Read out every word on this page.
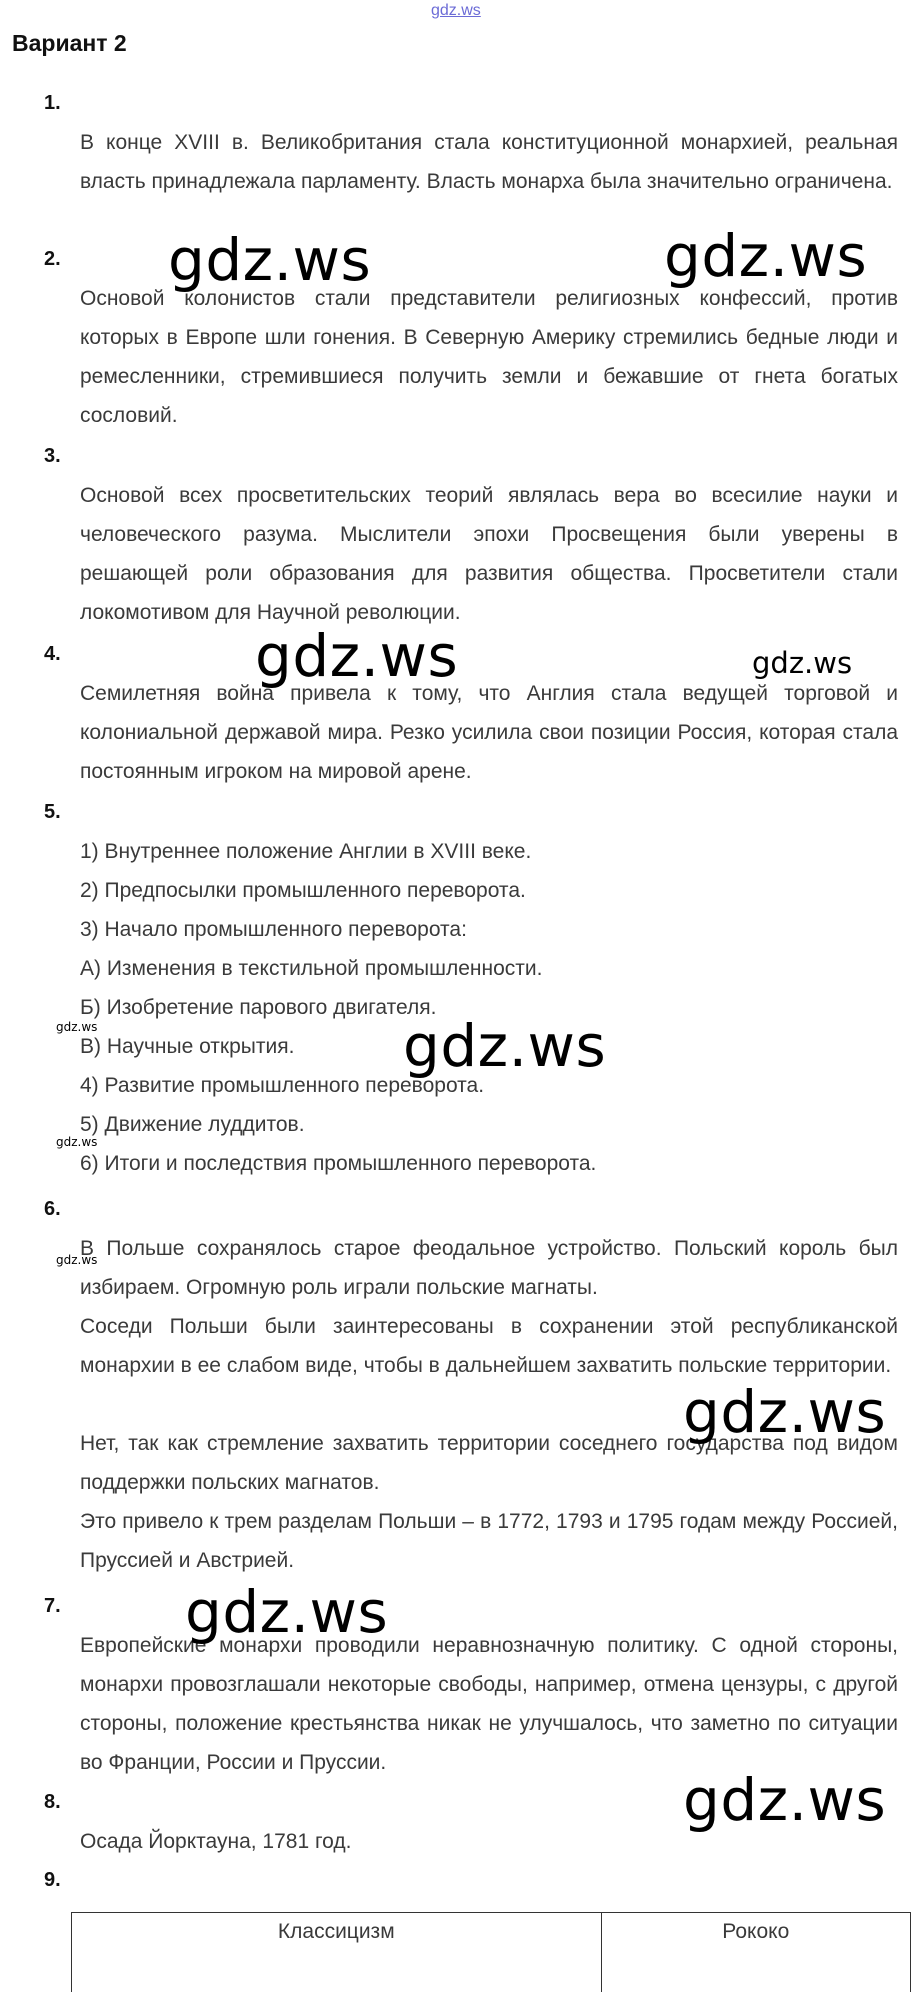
gdz.ws
Вариант 2
1.
В конце XVIII в. Великобритания стала конституционной монархией, реальная власть принадлежала парламенту. Власть монарха была значительно ограничена.
2.
Основой колонистов стали представители религиозных конфессий, против которых в Европе шли гонения. В Северную Америку стремились бедные люди и ремесленники, стремившиеся получить земли и бежавшие от гнета богатых сословий.
3.
Основой всех просветительских теорий являлась вера во всесилие науки и человеческого разума. Мыслители эпохи Просвещения были уверены в решающей роли образования для развития общества. Просветители стали локомотивом для Научной революции.
4.
Семилетняя война привела к тому, что Англия стала ведущей торговой и колониальной державой мира. Резко усилила свои позиции Россия, которая стала постоянным игроком на мировой арене.
5.
1) Внутреннее положение Англии в XVIII веке.
2) Предпосылки промышленного переворота.
3) Начало промышленного переворота:
А) Изменения в текстильной промышленности.
Б) Изобретение парового двигателя.
В) Научные открытия.
4) Развитие промышленного переворота.
5) Движение луддитов.
6) Итоги и последствия промышленного переворота.
6.
В Польше сохранялось старое феодальное устройство. Польский король был избираем. Огромную роль играли польские магнаты.
Соседи Польши были заинтересованы в сохранении этой республиканской монархии в ее слабом виде, чтобы в дальнейшем захватить польские территории.
Нет, так как стремление захватить территории соседнего государства под видом поддержки польских магнатов.
Это привело к трем разделам Польши – в 1772, 1793 и 1795 годам между Россией, Пруссией и Австрией.
7.
Европейские монархи проводили неравнозначную политику. С одной стороны, монархи провозглашали некоторые свободы, например, отмена цензуры, с другой стороны, положение крестьянства никак не улучшалось, что заметно по ситуации во Франции, России и Пруссии.
8.
Осада Йорктауна, 1781 год.
9.
Классицизм	Рококо

gdz.ws	gdz.ws
gdz.ws	gdz.ws
gdz.ws
gdz.ws
gdz.ws
gdz.ws
gdz.ws
gdz.ws
gdz.ws
